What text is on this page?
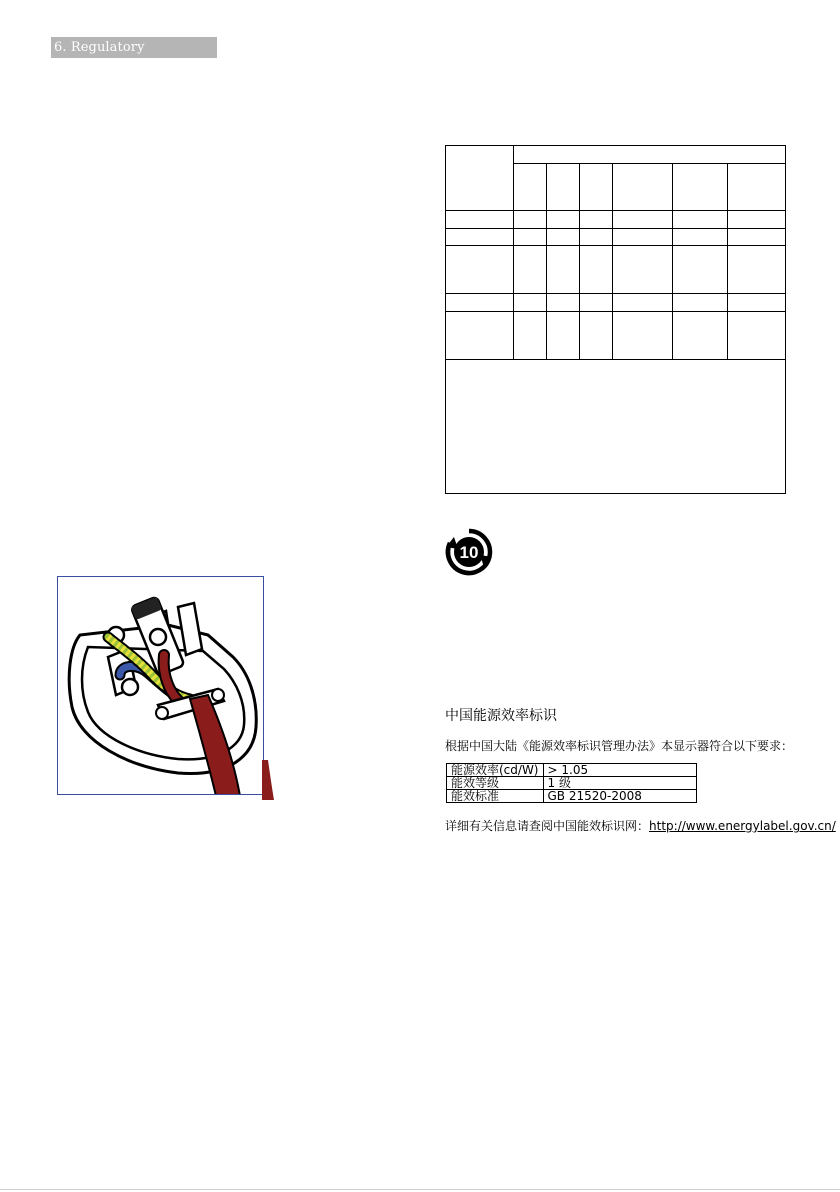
6. Regulatory Infomation
10
中国能源效率标识
根据中国大陆《能源效率标识管理办法》本显示器符合以下要求：
能源效率(cd/W)	> 1.05
能效等级	1 级
能效标准	GB 21520-2008
详细有关信息请查阅中国能效标识网：http://www.energylabel.gov.cn/
